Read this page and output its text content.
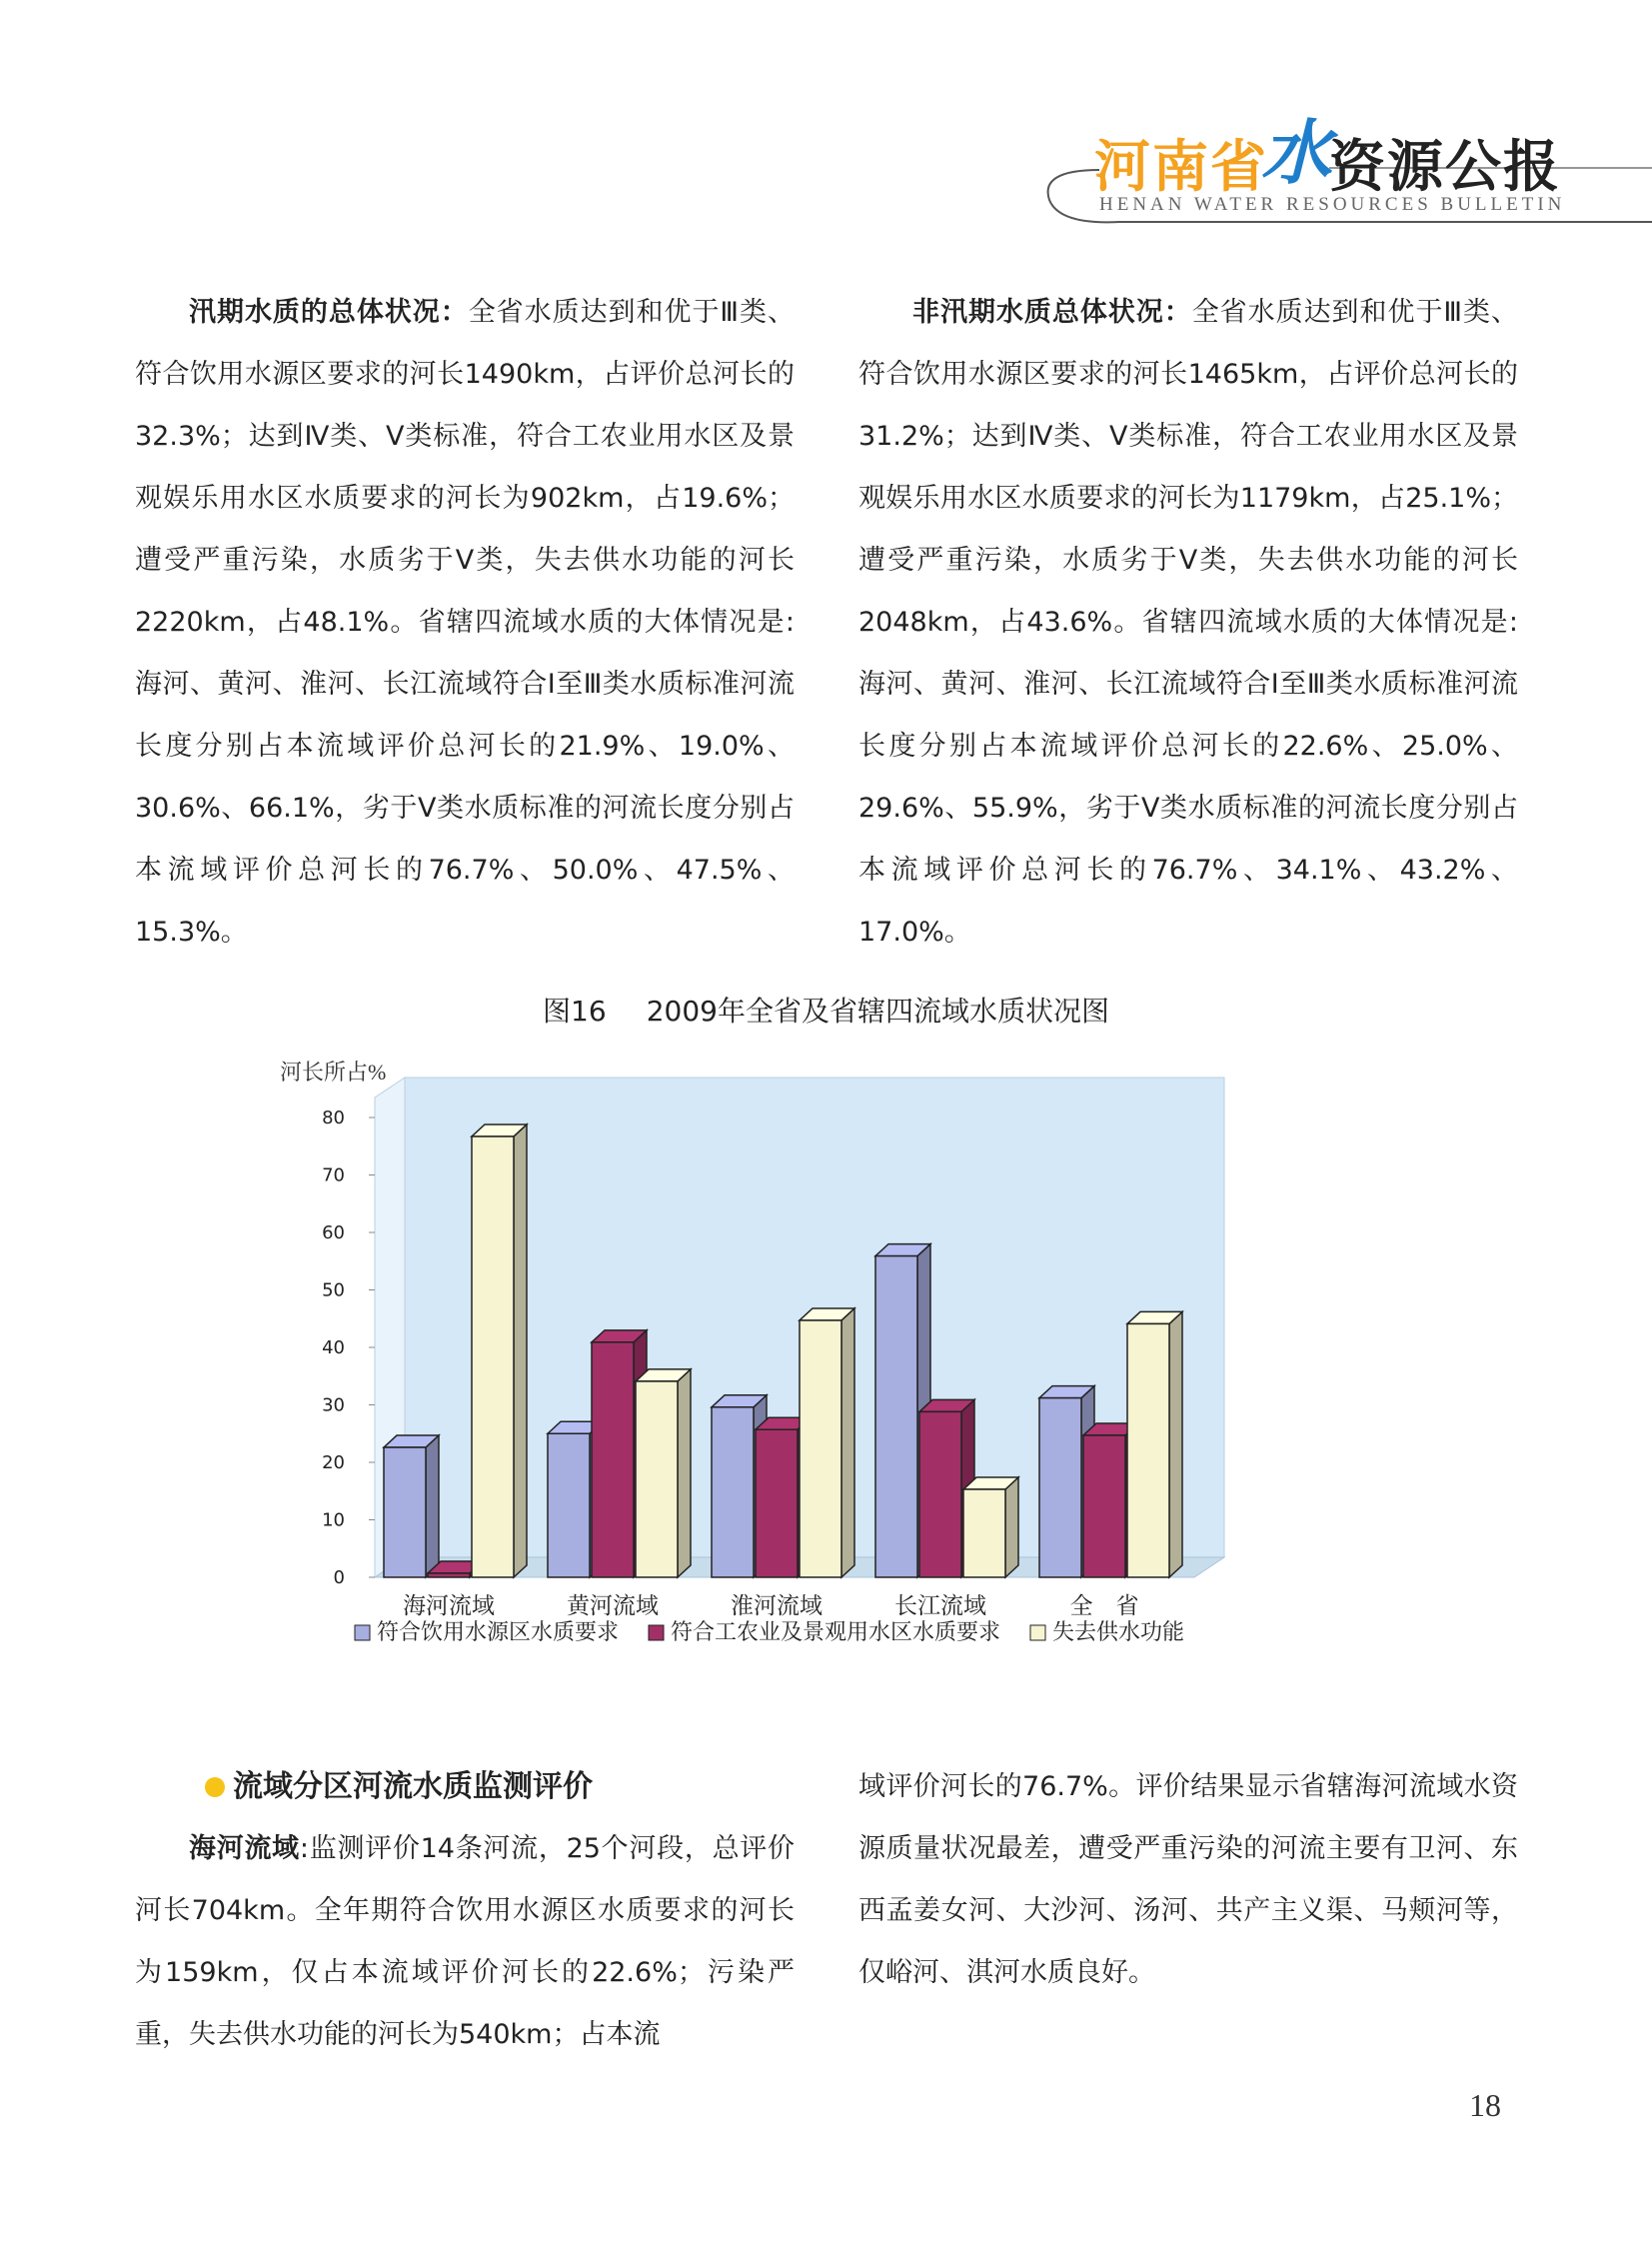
河南省
水
资源公报
HENAN WATER RESOURCES BULLETIN

汛期水质的总体状况：全省水质达到和优于Ⅲ类、符合饮用水源区要求的河长1490km，占评价总河长的32.3%；达到Ⅳ类、Ⅴ类标准，符合工农业用水区及景观娱乐用水区水质要求的河长为902km，占19.6%；遭受严重污染，水质劣于Ⅴ类，失去供水功能的河长2220km，占48.1%。省辖四流域水质的大体情况是:海河、黄河、淮河、长江流域符合Ⅰ至Ⅲ类水质标准河流长度分别占本流域评价总河长的21.9%、19.0%、30.6%、66.1%，劣于Ⅴ类水质标准的河流长度分别占本流域评价总河长的76.7%、50.0%、47.5%、15.3%。

非汛期水质总体状况：全省水质达到和优于Ⅲ类、符合饮用水源区要求的河长1465km，占评价总河长的31.2%；达到Ⅳ类、Ⅴ类标准，符合工农业用水区及景观娱乐用水区水质要求的河长为1179km，占25.1%；遭受严重污染，水质劣于Ⅴ类，失去供水功能的河长2048km，占43.6%。省辖四流域水质的大体情况是:海河、黄河、淮河、长江流域符合Ⅰ至Ⅲ类水质标准河流长度分别占本流域评价总河长的22.6%、25.0%、29.6%、55.9%，劣于Ⅴ类水质标准的河流长度分别占本流域评价总河长的76.7%、34.1%、43.2%、17.0%。

图16 2009年全省及省辖四流域水质状况图
河长所占%
0
10
20
30
40
50
60
70
80
海河流域	黄河流域	淮河流域	长江流域	全　省
符合饮用水源区水质要求 符合工农业及景观用水区水质要求 失去供水功能
流域分区河流水质监测评价

海河流域:监测评价14条河流，25个河段，总评价河长704km。全年期符合饮用水源区水质要求的河长为159km，仅占本流域评价河长的22.6%；污染严重，失去供水功能的河长为540km；占本流

域评价河长的76.7%。评价结果显示省辖海河流域水资源质量状况最差，遭受严重污染的河流主要有卫河、东西孟姜女河、大沙河、汤河、共产主义渠、马颊河等，仅峪河、淇河水质良好。

18
